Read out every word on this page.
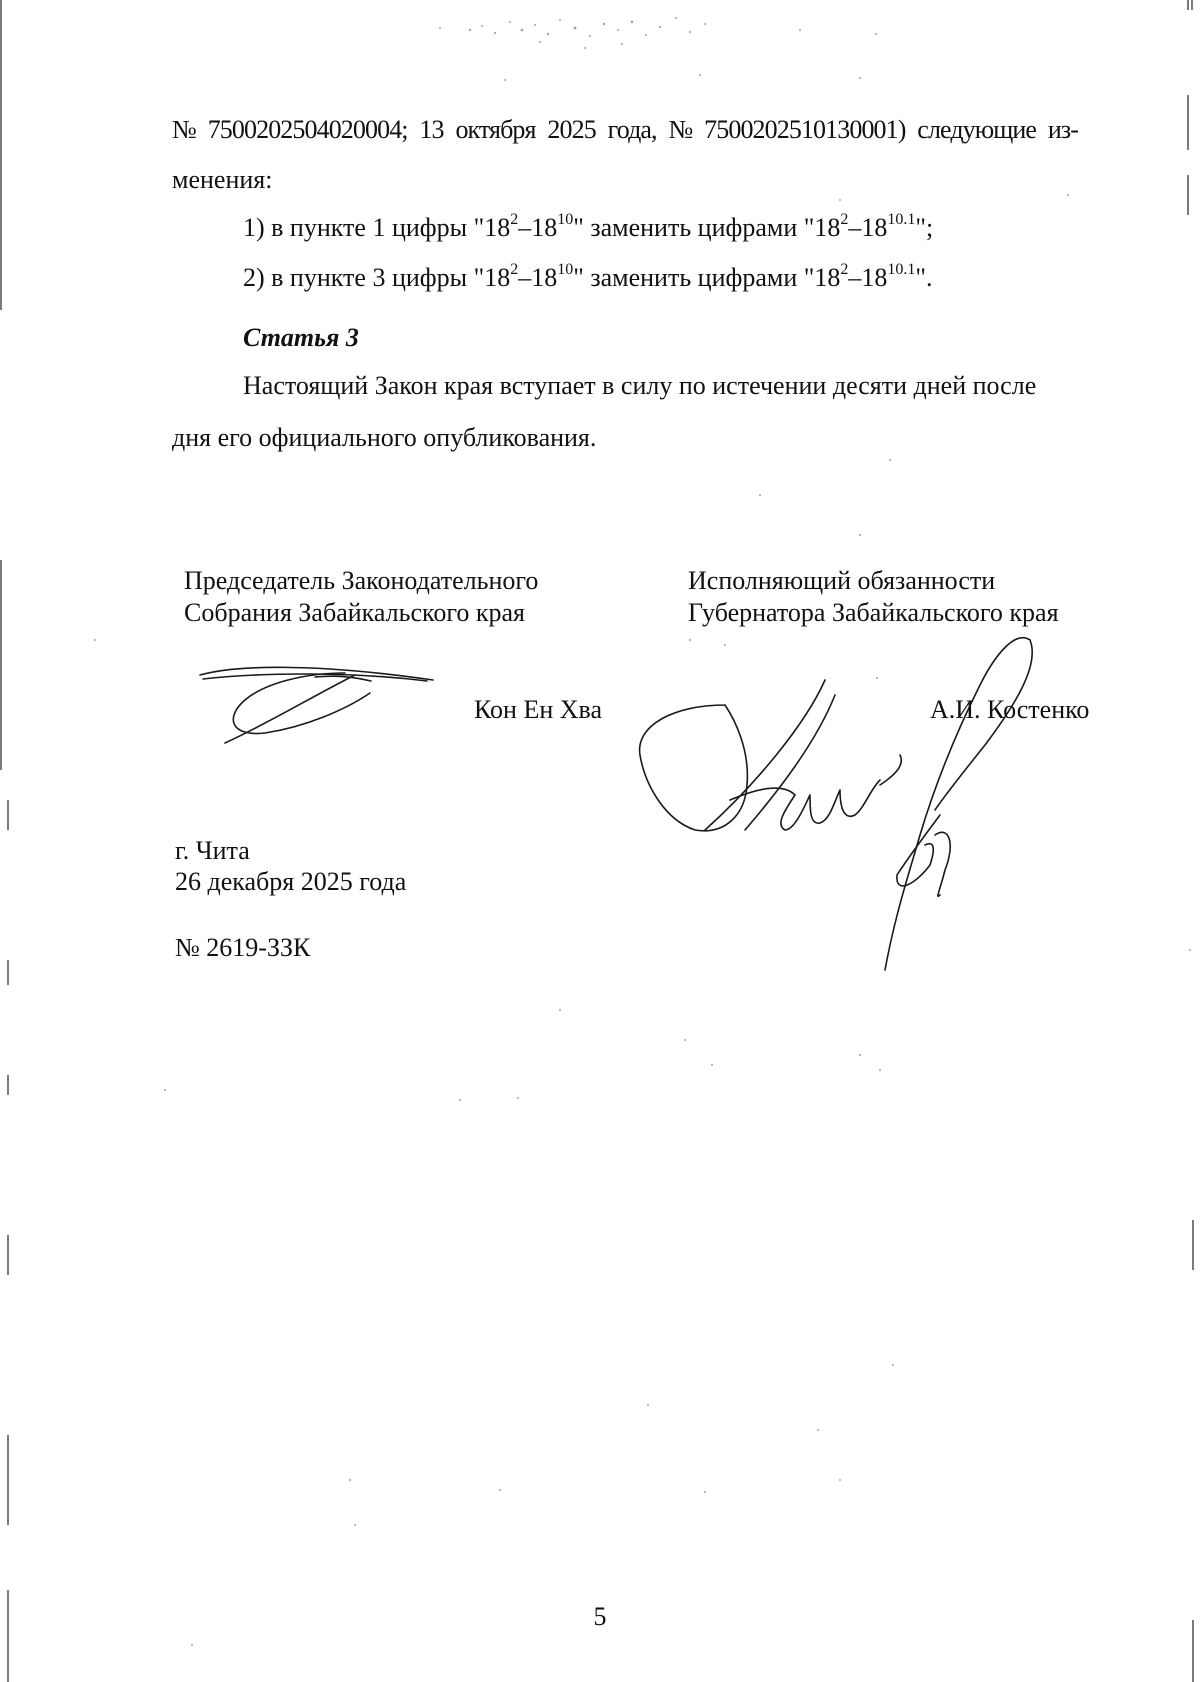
№ 7500202504020004; 13 октября 2025 года, № 7500202510130001) следующие из-
менения:
1) в пункте 1 цифры "$18^2-18^{10}$" заменить цифрами "$18^2-18^{10.1}$";
2) в пункте 3 цифры "$18^2-18^{10}$" заменить цифрами "$18^2-18^{10.1}$".
Статья 3
Настоящий Закон края вступает в силу по истечении десяти дней после
дня его официального опубликования.
Председатель Законодательного
Собрания Забайкальского края
Исполняющий обязанности
Губернатора Забайкальского края
Кон Ен Хва	А.И. Костенко
г. Чита
26 декабря 2025 года
№ 2619-ЗЗК
5
